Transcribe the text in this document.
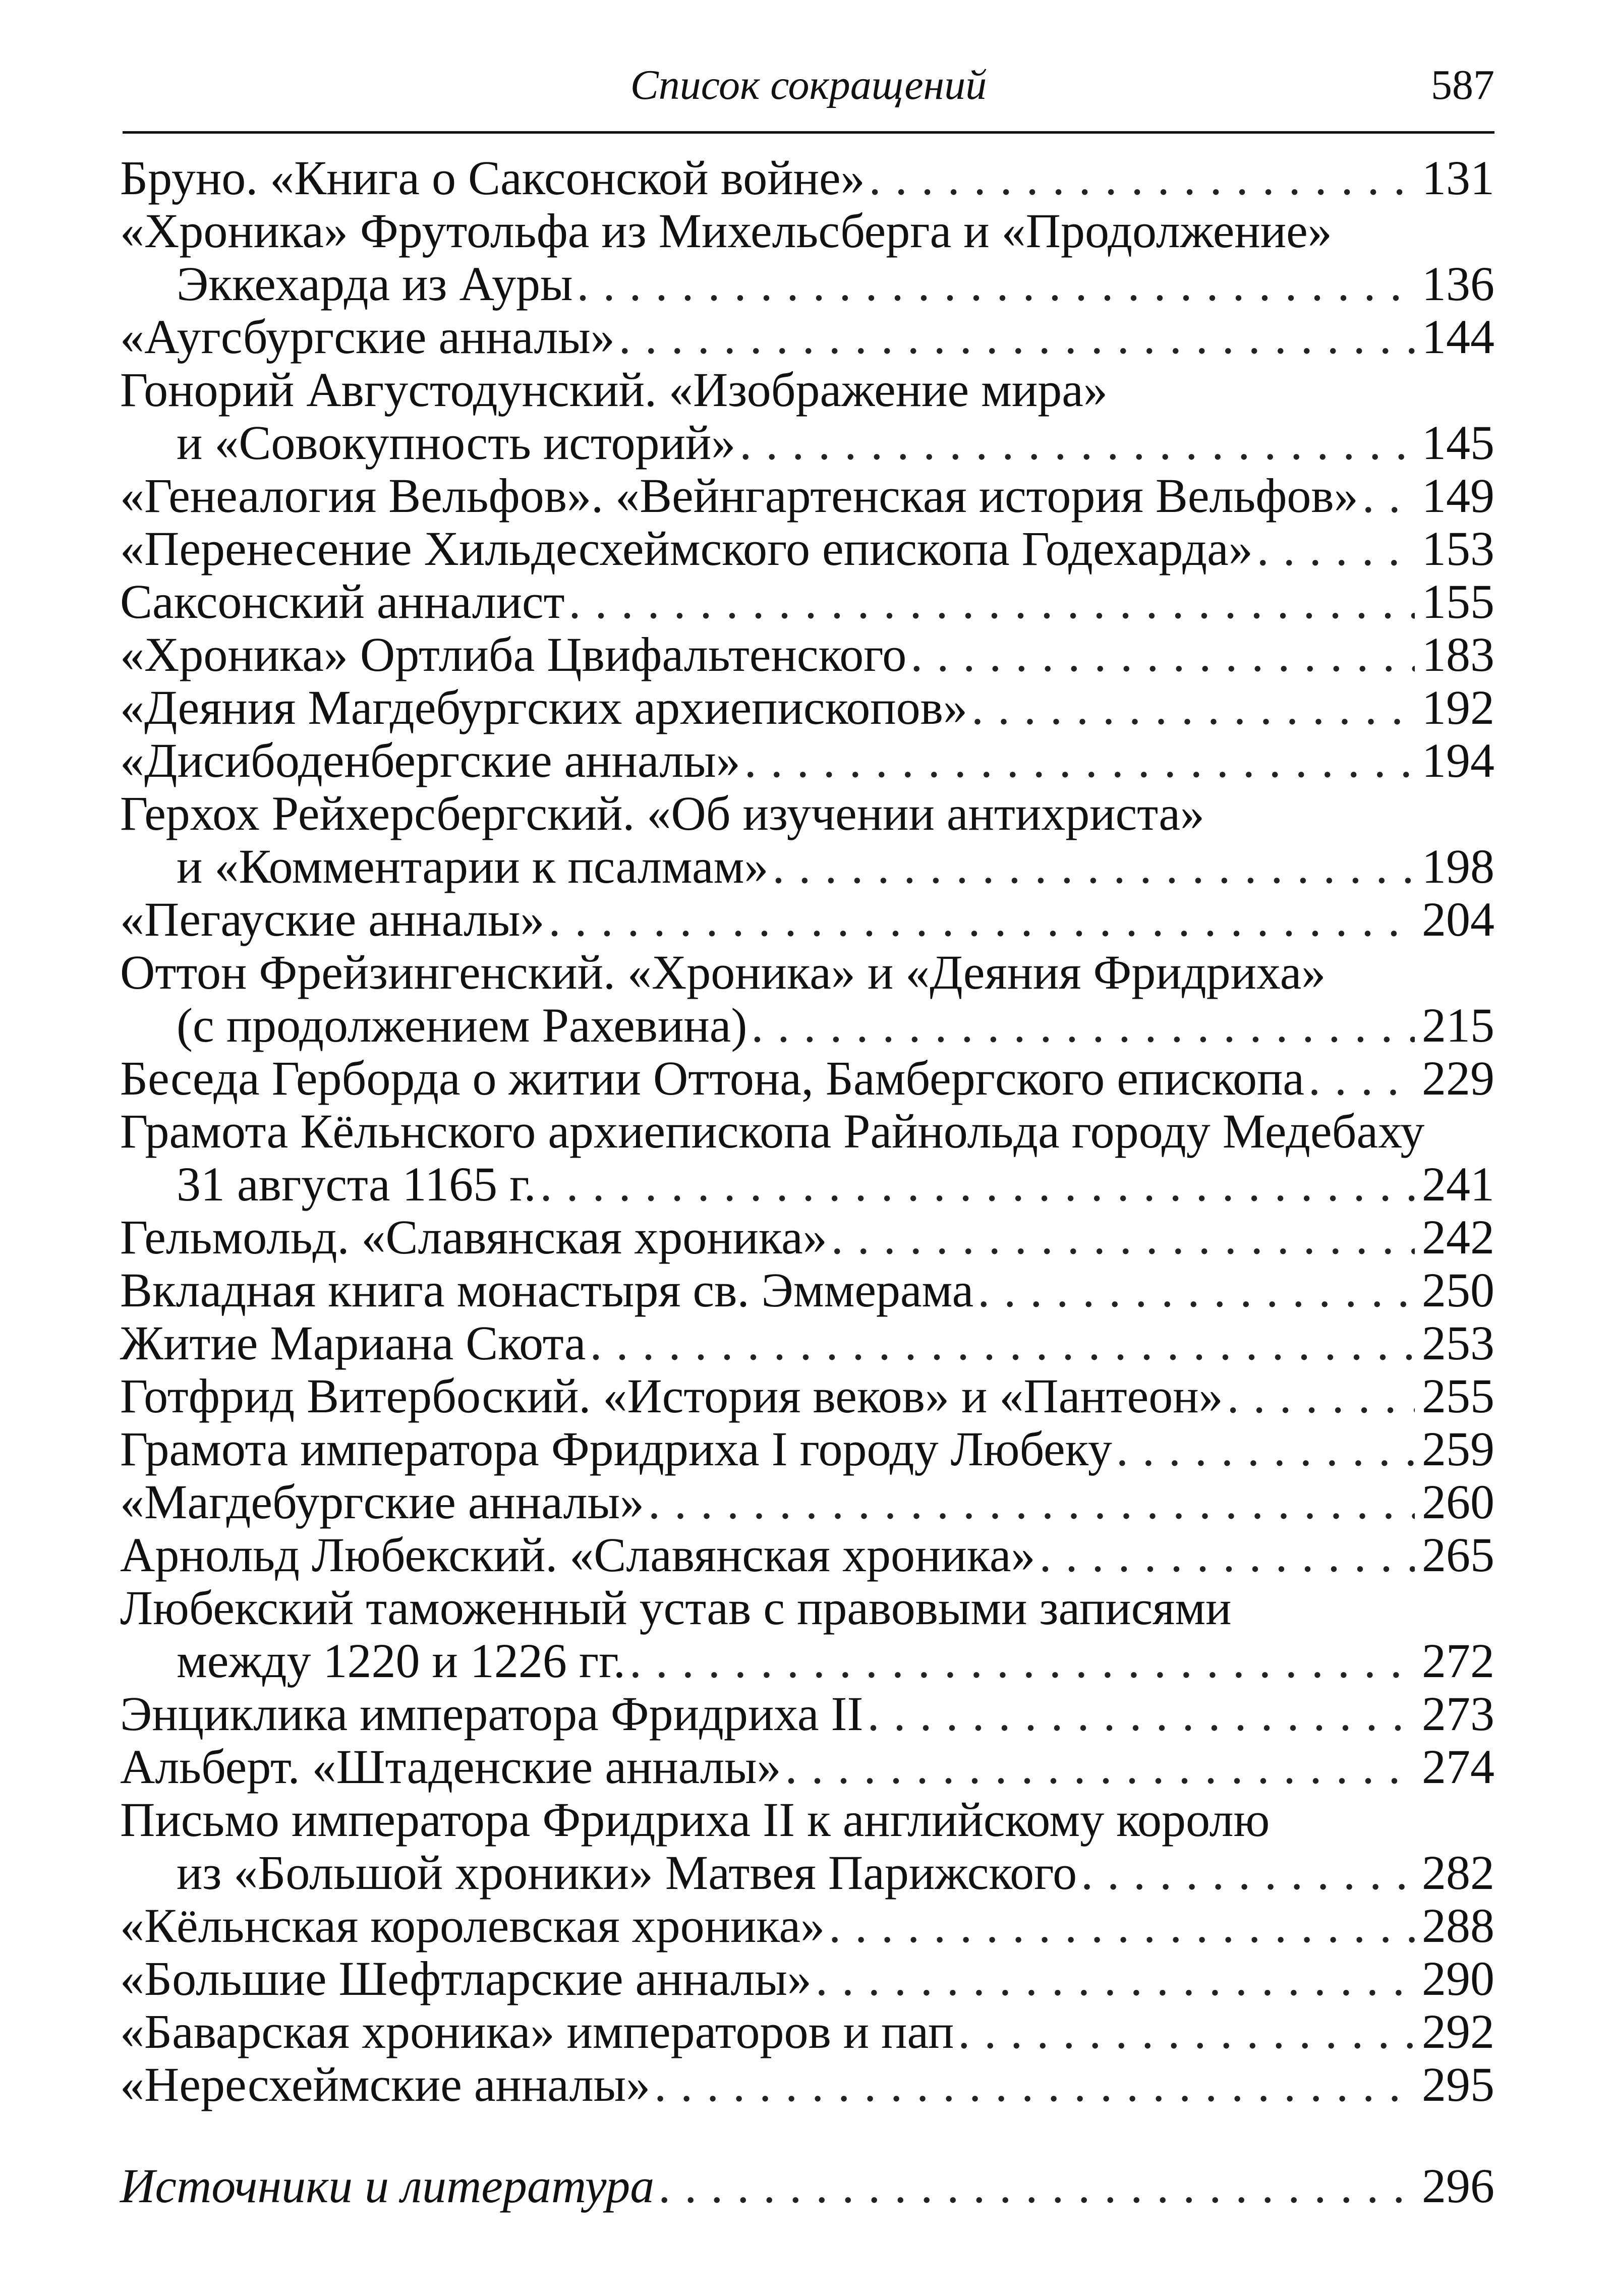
Список сокращений	587
Бруно. «Книга о Саксонской войне» . . .	131
«Хроника» Фрутольфа из Михельсберга и «Продолжение»
Эккехарда из Ауры . . .	136
«Аугсбургские анналы» . . .	144
Гонорий Августодунский. «Изображение мира»
и «Совокупность историй» . . .	145
«Генеалогия Вельфов». «Вейнгартенская история Вельфов» . . . 149
«Перенесение Хильдесхеймского епископа Годехарда» . . .	153
Саксонский анналист . . .	155
«Хроника» Ортлиба Цвифальтенского . . .	183
«Деяния Магдебургских архиепископов» . . .	192
«Дисибоденбергские анналы» . . .	194
Герхох Рейхерсбергский. «Об изучении антихриста»
и «Комментарии к псалмам» . . .	198
«Пегауские анналы» . . .	204
Оттон Фрейзингенский. «Хроника» и «Деяния Фридриха»
(с продолжением Рахевина) . . .	215
Беседа Герборда о житии Оттона, Бамбергского епископа . . . 229
Грамота Кёльнского архиепископа Райнольда городу Медебаху
31 августа 1165 г. . . .	241
Гельмольд. «Славянская хроника» . . .	242
Вкладная книга монастыря св. Эммерама . . .	250
Житие Мариана Скота . . .	253
Готфрид Витербоский. «История веков» и «Пантеон» . . .	255
Грамота императора Фридриха I городу Любеку . . .	259
«Магдебургские анналы» . . .	260
Арнольд Любекский. «Славянская хроника» . . .	265
Любекский таможенный устав с правовыми записями
между 1220 и 1226 гг. . . .	272
Энциклика императора Фридриха II . . .	273
Альберт. «Штаденские анналы» . . .	274
Письмо императора Фридриха II к английскому королю
из «Большой хроники» Матвея Парижского . . .	282
«Кёльнская королевская хроника» . . .	288
«Большие Шефтларские анналы» . . .	290
«Баварская хроника» императоров и пап . . .	292
«Нересхеймские анналы» . . .	295
Источники и литература . . .	296
